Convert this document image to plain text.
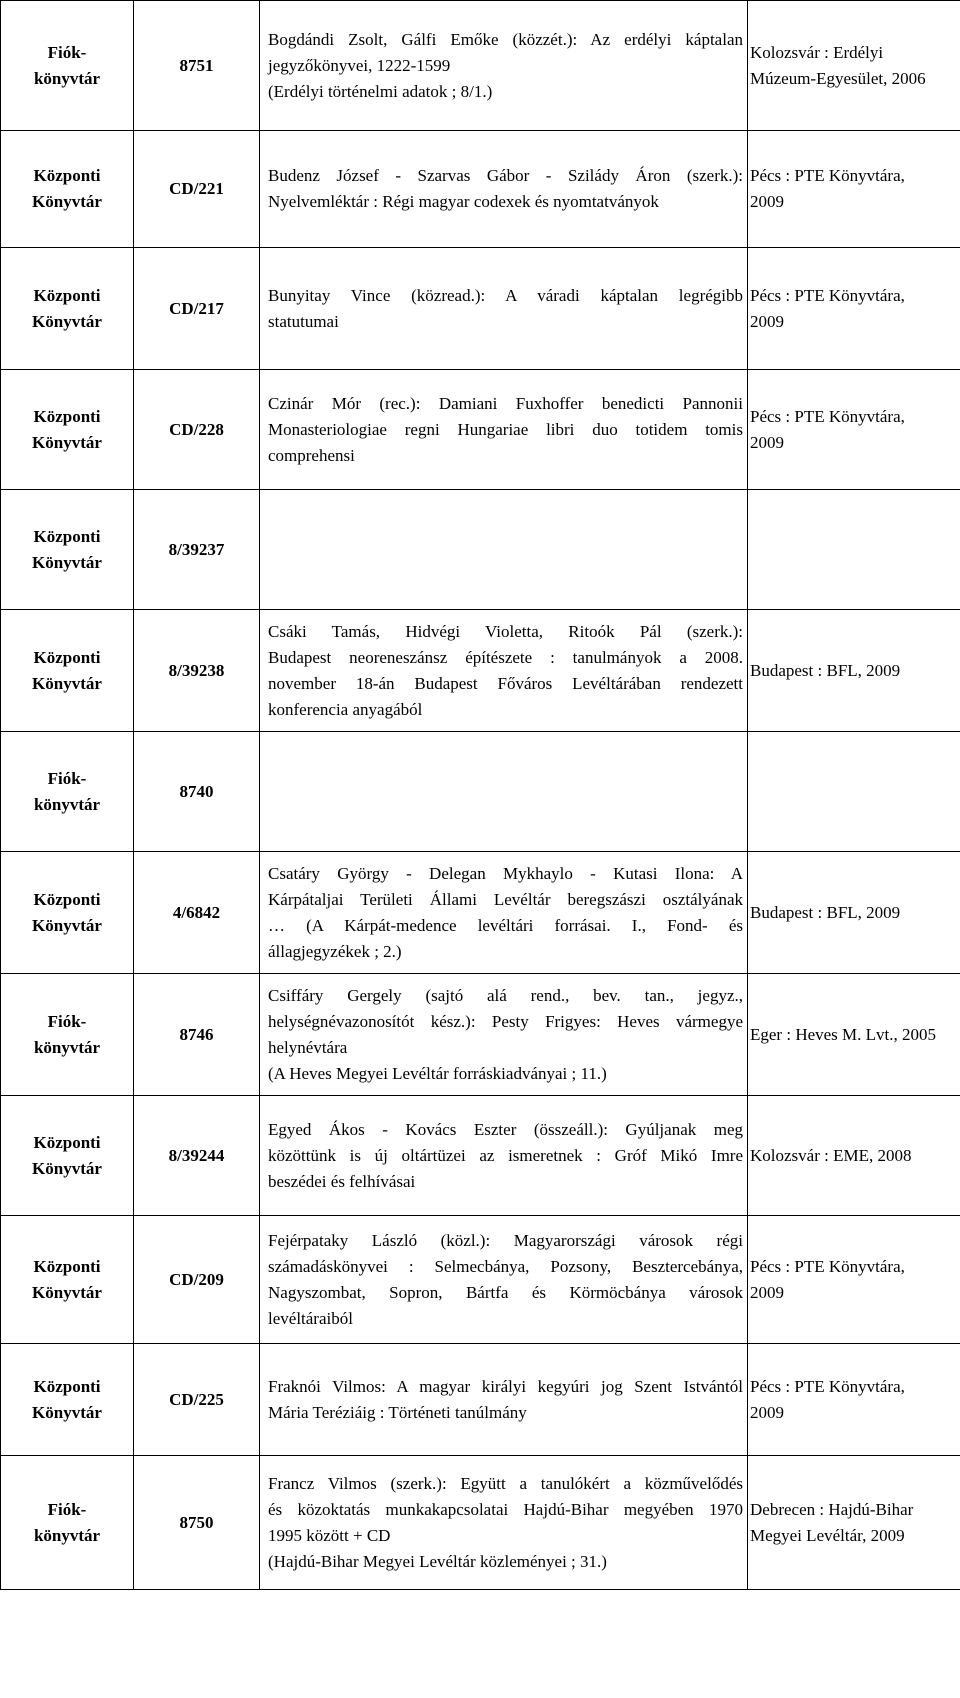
Fiók-
könyvtár	8751	Bogdándi Zsolt, Gálfi Emőke (közzét.): Az erdélyi káptalan
jegyzőkönyvei, 1222-1599
(Erdélyi történelmi adatok ; 8/1.)	Kolozsvár : Erdélyi
Múzeum-Egyesület, 2006

Központi
Könyvtár	CD/221	Budenz József - Szarvas Gábor - Szilády Áron (szerk.):
Nyelvemléktár : Régi magyar codexek és nyomtatványok	Pécs : PTE Könyvtára,
2009

Központi
Könyvtár	CD/217	Bunyitay Vince (közread.): A váradi káptalan legrégibb
statutumai	Pécs : PTE Könyvtára,
2009

Központi
Könyvtár	CD/228	Czinár Mór (rec.): Damiani Fuxhoffer benedicti Pannonii
Monasteriologiae regni Hungariae libri duo totidem tomis
comprehensi	Pécs : PTE Könyvtára,
2009

Központi
Könyvtár	8/39237		

Központi
Könyvtár	8/39238	Csáki Tamás, Hidvégi Violetta, Ritoók Pál (szerk.):
Budapest neoreneszánsz építészete : tanulmányok a 2008.
november 18-án Budapest Főváros Levéltárában rendezett
konferencia anyagából	Budapest : BFL, 2009

Fiók-
könyvtár	8740		

Központi
Könyvtár	4/6842	Csatáry György - Delegan Mykhaylo - Kutasi Ilona: A
Kárpátaljai Területi Állami Levéltár beregszászi osztályának
… (A Kárpát-medence levéltári forrásai. I., Fond- és
állagjegyzékek ; 2.)	Budapest : BFL, 2009

Fiók-
könyvtár	8746	Csiffáry Gergely (sajtó alá rend., bev. tan., jegyz.,
helységnévazonosítót kész.): Pesty Frigyes: Heves vármegye
helynévtára
(A Heves Megyei Levéltár forráskiadványai ; 11.)	Eger : Heves M. Lvt., 2005

Központi
Könyvtár	8/39244	Egyed Ákos - Kovács Eszter (összeáll.): Gyúljanak meg
közöttünk is új oltártüzei az ismeretnek : Gróf Mikó Imre
beszédei és felhívásai	Kolozsvár : EME, 2008

Központi
Könyvtár	CD/209	Fejérpataky László (közl.): Magyarországi városok régi
számadáskönyvei : Selmecbánya, Pozsony, Besztercebánya,
Nagyszombat, Sopron, Bártfa és Körmöcbánya városok
levéltáraiból	Pécs : PTE Könyvtára,
2009

Központi
Könyvtár	CD/225	Fraknói Vilmos: A magyar királyi kegyúri jog Szent Istvántól
Mária Teréziáig : Történeti tanúlmány	Pécs : PTE Könyvtára,
2009

Fiók-
könyvtár	8750	Francz Vilmos (szerk.): Együtt a tanulókért a közművelődés
és közoktatás munkakapcsolatai Hajdú-Bihar megyében 1970
1995 között + CD
(Hajdú-Bihar Megyei Levéltár közleményei ; 31.)	Debrecen : Hajdú-Bihar
Megyei Levéltár, 2009
